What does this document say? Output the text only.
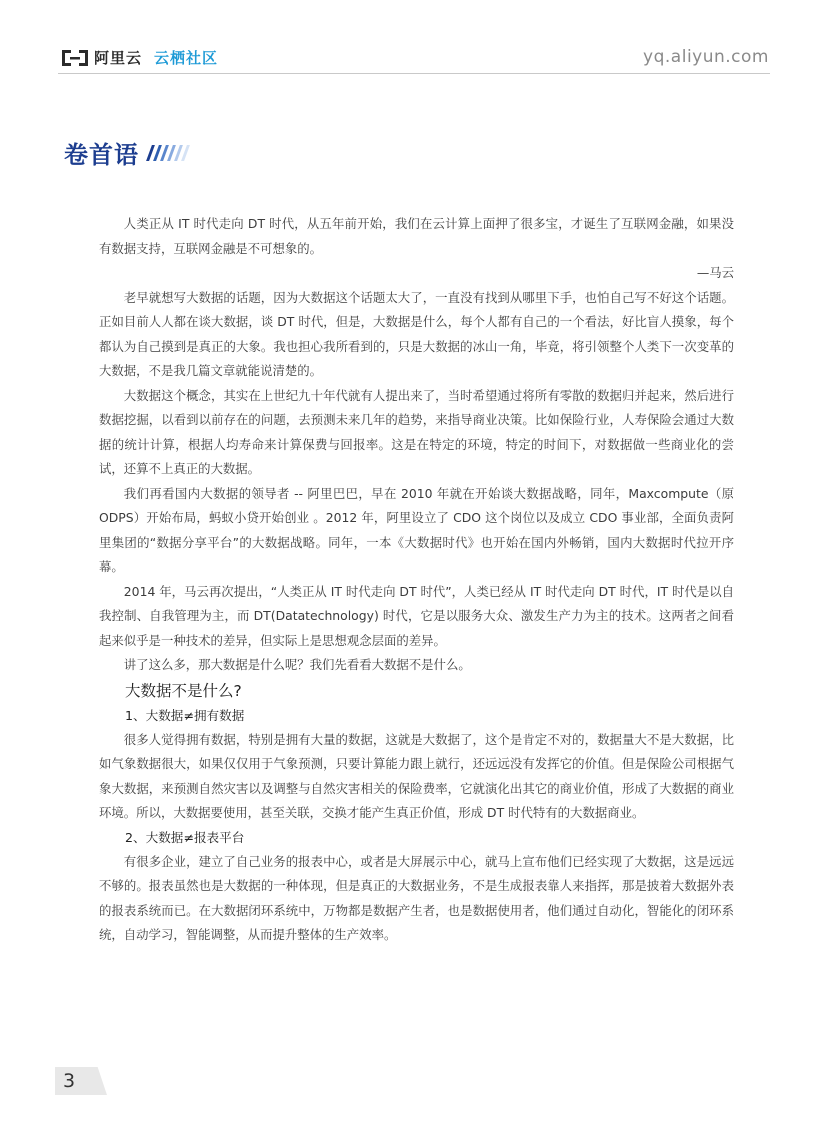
阿里云 云栖社区	yq.aliyun.com
卷首语

人类正从 IT 时代走向 DT 时代，从五年前开始，我们在云计算上面押了很多宝，才诞生了互联网金融，如果没有数据支持，互联网金融是不可想象的。

—马云

老早就想写大数据的话题，因为大数据这个话题太大了，一直没有找到从哪里下手，也怕自己写不好这个话题。正如目前人人都在谈大数据，谈 DT 时代，但是，大数据是什么，每个人都有自己的一个看法，好比盲人摸象，每个都认为自己摸到是真正的大象。我也担心我所看到的，只是大数据的冰山一角，毕竟，将引领整个人类下一次变革的大数据，不是我几篇文章就能说清楚的。

大数据这个概念，其实在上世纪九十年代就有人提出来了，当时希望通过将所有零散的数据归并起来，然后进行数据挖掘，以看到以前存在的问题，去预测未来几年的趋势，来指导商业决策。比如保险行业，人寿保险会通过大数据的统计计算，根据人均寿命来计算保费与回报率。这是在特定的环境，特定的时间下，对数据做一些商业化的尝试，还算不上真正的大数据。

我们再看国内大数据的领导者 -- 阿里巴巴，早在 2010 年就在开始谈大数据战略，同年，Maxcompute（原 ODPS）开始布局，蚂蚁小贷开始创业 。2012 年，阿里设立了 CDO 这个岗位以及成立 CDO 事业部，全面负责阿里集团的“数据分享平台”的大数据战略。同年，一本《大数据时代》也开始在国内外畅销，国内大数据时代拉开序幕。

2014 年，马云再次提出，“人类正从 IT 时代走向 DT 时代”，人类已经从 IT 时代走向 DT 时代，IT 时代是以自我控制、自我管理为主，而 DT(Datatechnology) 时代，它是以服务大众、激发生产力为主的技术。这两者之间看起来似乎是一种技术的差异，但实际上是思想观念层面的差异。

讲了这么多，那大数据是什么呢？我们先看看大数据不是什么。

大数据不是什么?
1、大数据≠拥有数据

很多人觉得拥有数据，特别是拥有大量的数据，这就是大数据了，这个是肯定不对的，数据量大不是大数据，比如气象数据很大，如果仅仅用于气象预测，只要计算能力跟上就行，还远远没有发挥它的价值。但是保险公司根据气象大数据，来预测自然灾害以及调整与自然灾害相关的保险费率，它就演化出其它的商业价值，形成了大数据的商业环境。所以，大数据要使用，甚至关联，交换才能产生真正价值，形成 DT 时代特有的大数据商业。

2、大数据≠报表平台

有很多企业，建立了自己业务的报表中心，或者是大屏展示中心，就马上宣布他们已经实现了大数据，这是远远不够的。报表虽然也是大数据的一种体现，但是真正的大数据业务，不是生成报表靠人来指挥，那是披着大数据外表的报表系统而已。在大数据闭环系统中，万物都是数据产生者，也是数据使用者，他们通过自动化，智能化的闭环系统，自动学习，智能调整，从而提升整体的生产效率。

3
